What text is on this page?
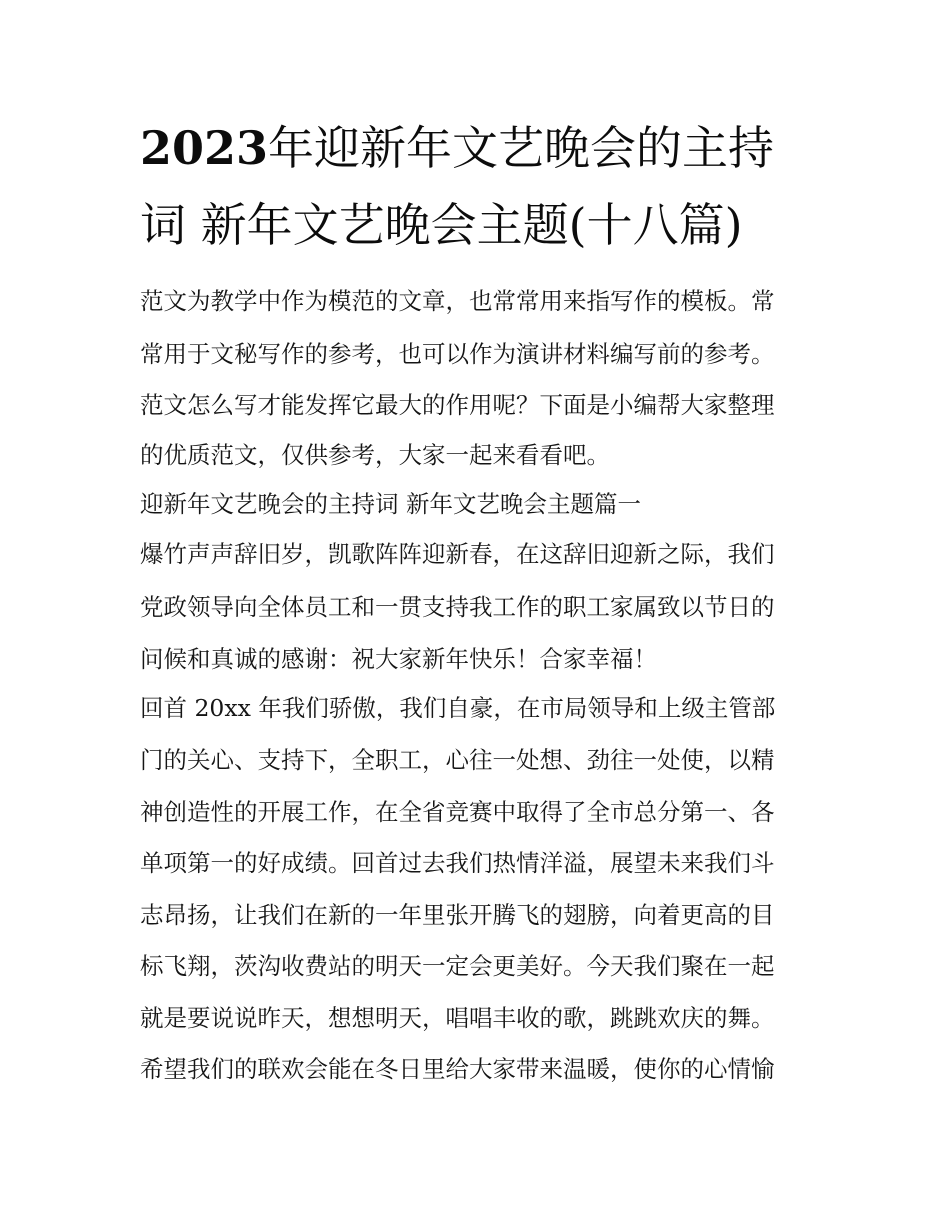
2023年迎新年文艺晚会的主持
词 新年文艺晚会主题(十八篇)
范文为教学中作为模范的文章，也常常用来指写作的模板。常
常用于文秘写作的参考，也可以作为演讲材料编写前的参考。
范文怎么写才能发挥它最大的作用呢？下面是小编帮大家整理
的优质范文，仅供参考，大家一起来看看吧。
迎新年文艺晚会的主持词 新年文艺晚会主题篇一
爆竹声声辞旧岁，凯歌阵阵迎新春，在这辞旧迎新之际，我们
党政领导向全体员工和一贯支持我工作的职工家属致以节日的
问候和真诚的感谢：祝大家新年快乐！合家幸福！
回首 20xx 年我们骄傲，我们自豪，在市局领导和上级主管部
门的关心、支持下，全职工，心往一处想、劲往一处使，以精
神创造性的开展工作，在全省竞赛中取得了全市总分第一、各
单项第一的好成绩。回首过去我们热情洋溢，展望未来我们斗
志昂扬，让我们在新的一年里张开腾飞的翅膀，向着更高的目
标飞翔，茨沟收费站的明天一定会更美好。今天我们聚在一起
就是要说说昨天，想想明天，唱唱丰收的歌，跳跳欢庆的舞。
希望我们的联欢会能在冬日里给大家带来温暖，使你的心情愉
